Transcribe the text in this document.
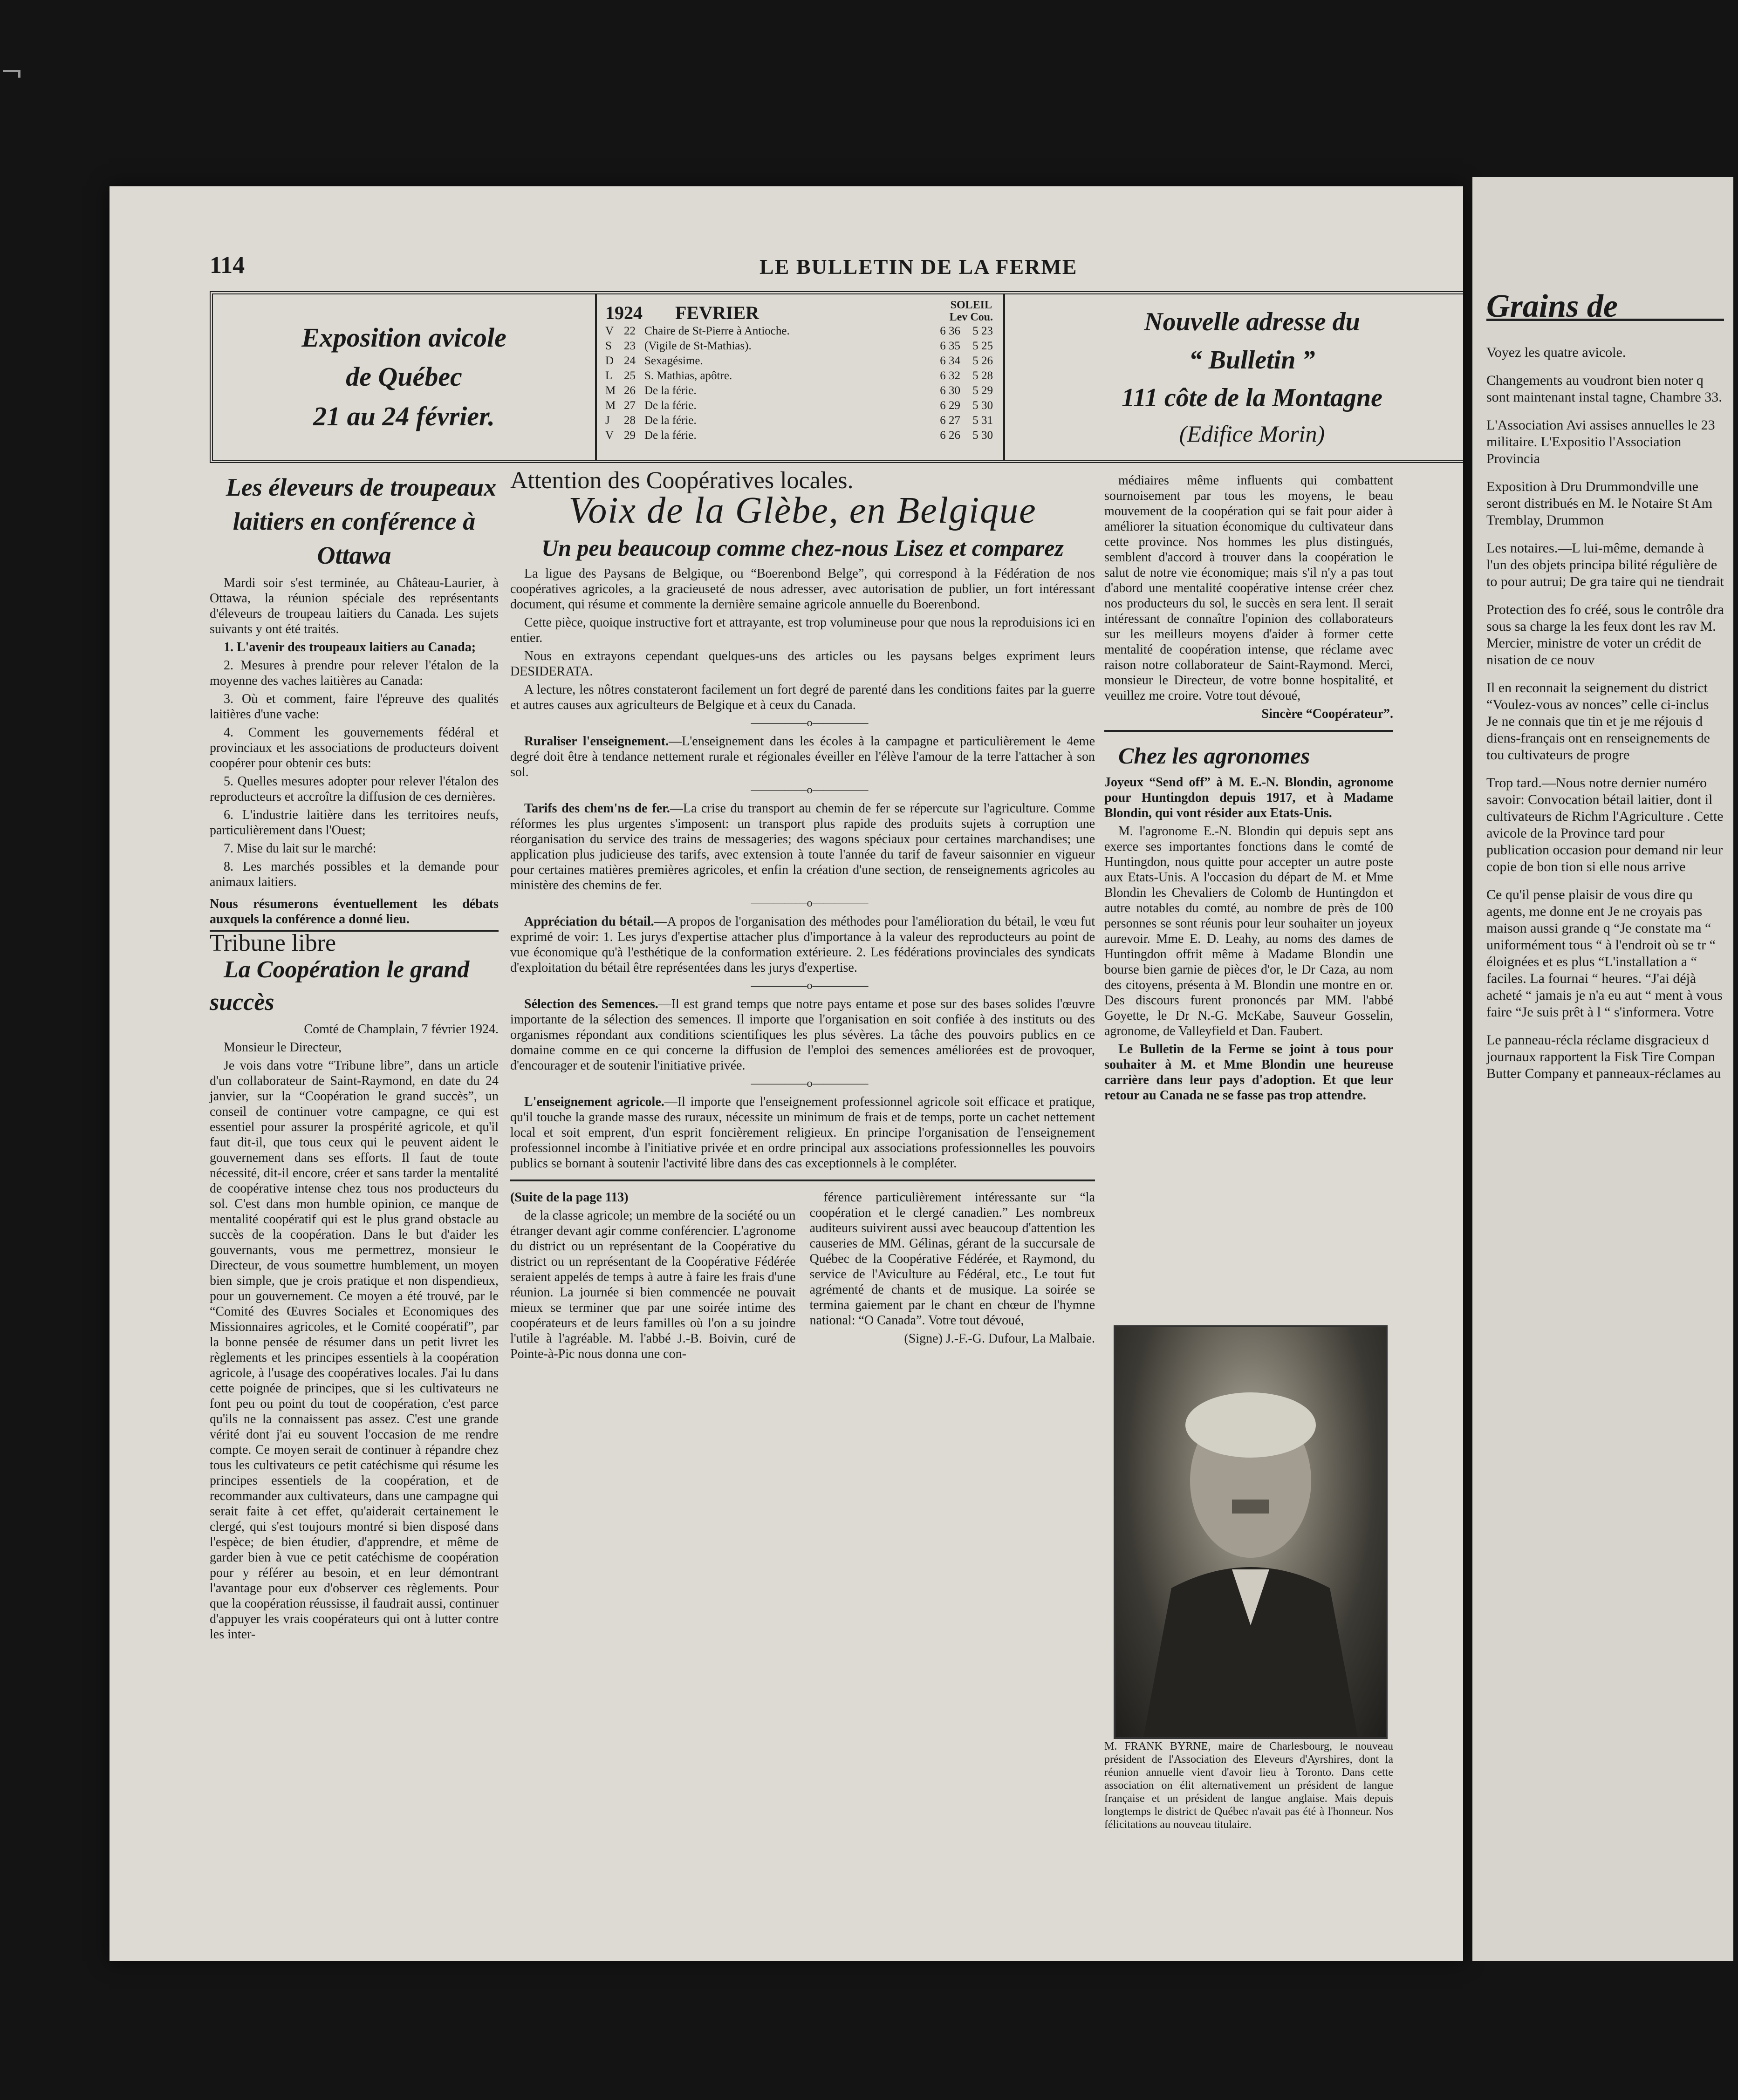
¬
114	LE BULLETIN DE LA FERME
Exposition avicole
de Québec
21 au 24 février.
1924 FEVRIER	SOLEIL
Lev Cou.
V 22 Chaire de St-Pierre à Antioche.	6 36	5 23
S	23 (Vigile de St-Mathias).	6 35	5 25
D 24 Sexagésime.	6 34	5 26
L 25 S. Mathias, apôtre.	6 32	5 28
M 26 De la férie.	6 30	5 29
M 27 De la férie.	6 29	5 30
J	28 De la férie.	6 27	5 31
V 29 De la férie.	6 26	5 30
Nouvelle adresse du
“ Bulletin ”
111 côte de la Montagne
(Edifice Morin)

Les éleveurs de troupeaux laitiers en conférence à Ottawa

Mardi soir s'est terminée, au Château-Laurier, à Ottawa, la réunion spéciale des représentants d'éleveurs de troupeau laitiers du Canada. Les sujets suivants y ont été traités.

1. L'avenir des troupeaux laitiers au Canada;

2. Mesures à prendre pour relever l'étalon de la moyenne des vaches laitières au Canada:

3. Où et comment, faire l'épreuve des qualités laitières d'une vache:

4. Comment les gouvernements fédéral et provinciaux et les associations de producteurs doivent coopérer pour obtenir ces buts:

5. Quelles mesures adopter pour relever l'étalon des reproducteurs et accroître la diffusion de ces dernières.

6. L'industrie laitière dans les territoires neufs, particulièrement dans l'Ouest;

7. Mise du lait sur le marché:

8. Les marchés possibles et la demande pour animaux laitiers.

Nous résumerons éventuellement les débats auxquels la conférence a donné lieu.

Tribune libre

La Coopération le grand succès

Comté de Champlain, 7 février 1924.

Monsieur le Directeur,

Je vois dans votre “Tribune libre”, dans un article d'un collaborateur de Saint-Raymond, en date du 24 janvier, sur la “Coopération le grand succès”, un conseil de continuer votre campagne, ce qui est essentiel pour assurer la prospérité agricole, et qu'il faut dit-il, que tous ceux qui le peuvent aident le gouvernement dans ses efforts. Il faut de toute nécessité, dit-il encore, créer et sans tarder la mentalité de coopérative intense chez tous nos producteurs du sol. C'est dans mon humble opinion, ce manque de mentalité coopératif qui est le plus grand obstacle au succès de la coopération. Dans le but d'aider les gouvernants, vous me permettrez, monsieur le Directeur, de vous soumettre humblement, un moyen bien simple, que je crois pratique et non dispendieux, pour un gouvernement. Ce moyen a été trouvé, par le “Comité des Œuvres Sociales et Economiques des Missionnaires agricoles, et le Comité coopératif”, par la bonne pensée de résumer dans un petit livret les règlements et les principes essentiels à la coopération agricole, à l'usage des coopératives locales. J'ai lu dans cette poignée de principes, que si les cultivateurs ne font peu ou point du tout de coopération, c'est parce qu'ils ne la connaissent pas assez. C'est une grande vérité dont j'ai eu souvent l'occasion de me rendre compte. Ce moyen serait de continuer à répandre chez tous les cultivateurs ce petit catéchisme qui résume les principes essentiels de la coopération, et de recommander aux cultivateurs, dans une campagne qui serait faite à cet effet, qu'aiderait certainement le clergé, qui s'est toujours montré si bien disposé dans l'espèce; de bien étudier, d'apprendre, et même de garder bien à vue ce petit catéchisme de coopération pour y référer au besoin, et en leur démontrant l'avantage pour eux d'observer ces règlements. Pour que la coopération réussisse, il faudrait aussi, continuer d'appuyer les vrais coopérateurs qui ont à lutter contre les inter-

Attention des Coopératives locales.

Voix de la Glèbe, en Belgique

Un peu beaucoup comme chez-nous Lisez et comparez

La ligue des Paysans de Belgique, ou “Boerenbond Belge”, qui correspond à la Fédération de nos coopératives agricoles, a la gracieuseté de nous adresser, avec autorisation de publier, un fort intéressant document, qui résume et commente la dernière semaine agricole annuelle du Boerenbond.

Cette pièce, quoique instructive fort et attrayante, est trop volumineuse pour que nous la reproduisions ici en entier.

Nous en extrayons cependant quelques-uns des articles ou les paysans belges expriment leurs DESIDERATA.

A lecture, les nôtres constateront facilement un fort degré de parenté dans les conditions faites par la guerre et autres causes aux agriculteurs de Belgique et à ceux du Canada.

—————o—————

Ruraliser l'enseignement.—L'enseignement dans les écoles à la campagne et particulièrement le 4eme degré doit être à tendance nettement rurale et régionales éveiller en l'élève l'amour de la terre l'attacher à son sol.

—————o—————

Tarifs des chem'ns de fer.—La crise du transport au chemin de fer se répercute sur l'agriculture. Comme réformes les plus urgentes s'imposent: un transport plus rapide des produits sujets à corruption une réorganisation du service des trains de messageries; des wagons spéciaux pour certaines marchandises; une application plus judicieuse des tarifs, avec extension à toute l'année du tarif de faveur saisonnier en vigueur pour certaines matières premières agricoles, et enfin la création d'une section, de renseignements agricoles au ministère des chemins de fer.

—————o—————

Appréciation du bétail.—A propos de l'organisation des méthodes pour l'amélioration du bétail, le vœu fut exprimé de voir: 1. Les jurys d'expertise attacher plus d'importance à la valeur des reproducteurs au point de vue économique qu'à l'esthétique de la conformation extérieure. 2. Les fédérations provinciales des syndicats d'exploitation du bétail être représentées dans les jurys d'expertise.

—————o—————

Sélection des Semences.—Il est grand temps que notre pays entame et pose sur des bases solides l'œuvre importante de la sélection des semences. Il importe que l'organisation en soit confiée à des instituts ou des organismes répondant aux conditions scientifiques les plus sévères. La tâche des pouvoirs publics en ce domaine comme en ce qui concerne la diffusion de l'emploi des semences améliorées est de provoquer, d'encourager et de soutenir l'initiative privée.

—————o—————

L'enseignement agricole.—Il importe que l'enseignement professionnel agricole soit efficace et pratique, qu'il touche la grande masse des ruraux, nécessite un minimum de frais et de temps, porte un cachet nettement local et soit emprent, d'un esprit foncièrement religieux. En principe l'organisation de l'enseignement professionnel incombe à l'initiative privée et en ordre principal aux associations professionnelles les pouvoirs publics se bornant à soutenir l'activité libre dans des cas exceptionnels à le compléter.

(Suite de la page 113)

de la classe agricole; un membre de la société ou un étranger devant agir comme conférencier. L'agronome du district ou un représentant de la Coopérative du district ou un représentant de la Coopérative Fédérée seraient appelés de temps à autre à faire les frais d'une réunion. La journée si bien commencée ne pouvait mieux se terminer que par une soirée intime des coopérateurs et de leurs familles où l'on a su joindre l'utile à l'agréable. M. l'abbé J.-B. Boivin, curé de Pointe-à-Pic nous donna une con-

férence particulièrement intéressante sur “la coopération et le clergé canadien.” Les nombreux auditeurs suivirent aussi avec beaucoup d'attention les causeries de MM. Gélinas, gérant de la succursale de Québec de la Coopérative Fédérée, et Raymond, du service de l'Aviculture au Fédéral, etc., Le tout fut agrémenté de chants et de musique. La soirée se termina gaiement par le chant en chœur de l'hymne national: “O Canada”. Votre tout dévoué,

(Signe) J.-F.-G. Dufour, La Malbaie.

médiaires même influents qui combattent sournoisement par tous les moyens, le beau mouvement de la coopération qui se fait pour aider à améliorer la situation économique du cultivateur dans cette province. Nos hommes les plus distingués, semblent d'accord à trouver dans la coopération le salut de notre vie économique; mais s'il n'y a pas tout d'abord une mentalité coopérative intense créer chez nos producteurs du sol, le succès en sera lent. Il serait intéressant de connaître l'opinion des collaborateurs sur les meilleurs moyens d'aider à former cette mentalité de coopération intense, que réclame avec raison notre collaborateur de Saint-Raymond. Merci, monsieur le Directeur, de votre bonne hospitalité, et veuillez me croire. Votre tout dévoué,

Sincère “Coopérateur”.

Chez les agronomes

Joyeux “Send off” à M. E.-N. Blondin, agronome pour Huntingdon depuis 1917, et à Madame Blondin, qui vont résider aux Etats-Unis.

M. l'agronome E.-N. Blondin qui depuis sept ans exerce ses importantes fonctions dans le comté de Huntingdon, nous quitte pour accepter un autre poste aux Etats-Unis. A l'occasion du départ de M. et Mme Blondin les Chevaliers de Colomb de Huntingdon et autre notables du comté, au nombre de près de 100 personnes se sont réunis pour leur souhaiter un joyeux aurevoir. Mme E. D. Leahy, au noms des dames de Huntingdon offrit même à Madame Blondin une bourse bien garnie de pièces d'or, le Dr Caza, au nom des citoyens, présenta à M. Blondin une montre en or. Des discours furent prononcés par MM. l'abbé Goyette, le Dr N.-G. McKabe, Sauveur Gosselin, agronome, de Valleyfield et Dan. Faubert.

Le Bulletin de la Ferme se joint à tous pour souhaiter à M. et Mme Blondin une heureuse carrière dans leur pays d'adoption. Et que leur retour au Canada ne se fasse pas trop attendre.

M. FRANK BYRNE, maire de Charlesbourg, le nouveau président de l'Association des Eleveurs d'Ayrshires, dont la réunion annuelle vient d'avoir lieu à Toronto. Dans cette association on élit alternativement un président de langue française et un président de langue anglaise. Mais depuis longtemps le district de Québec n'avait pas été à l'honneur. Nos félicitations au nouveau titulaire.
Grains de

Voyez les quatre avicole.

Changements au voudront bien noter q sont maintenant instal tagne, Chambre 33.

L'Association Avi assises annuelles le 23 militaire. L'Expositio l'Association Provincia

Exposition à Dru Drummondville une seront distribués en M. le Notaire St Am Tremblay, Drummon

Les notaires.—L lui-même, demande à l'un des objets principa bilité régulière de to pour autrui; De gra taire qui ne tiendrait

Protection des fo créé, sous le contrôle dra sous sa charge la les feux dont les rav M. Mercier, ministre de voter un crédit de nisation de ce nouv

Il en reconnait la seignement du district “Voulez-vous av nonces” celle ci-inclus Je ne connais que tin et je me réjouis d diens-français ont en renseignements de tou cultivateurs de progre

Trop tard.—Nous notre dernier numéro savoir: Convocation bétail laitier, dont il cultivateurs de Richm l'Agriculture . Cette avicole de la Province tard pour publication occasion pour demand nir leur copie de bon tion si elle nous arrive

Ce qu'il pense plaisir de vous dire qu agents, me donne ent Je ne croyais pas maison aussi grande q “Je constate ma “ uniformément tous “ à l'endroit où se tr “ éloignées et es plus “L'installation a “ faciles. La fournai “ heures. “J'ai déjà acheté “ jamais je n'a eu aut “ ment à vous faire “Je suis prêt à l “ s'informera. Votre

Le panneau-récla réclame disgracieux d journaux rapportent la Fisk Tire Compan Butter Company et panneaux-réclames au
